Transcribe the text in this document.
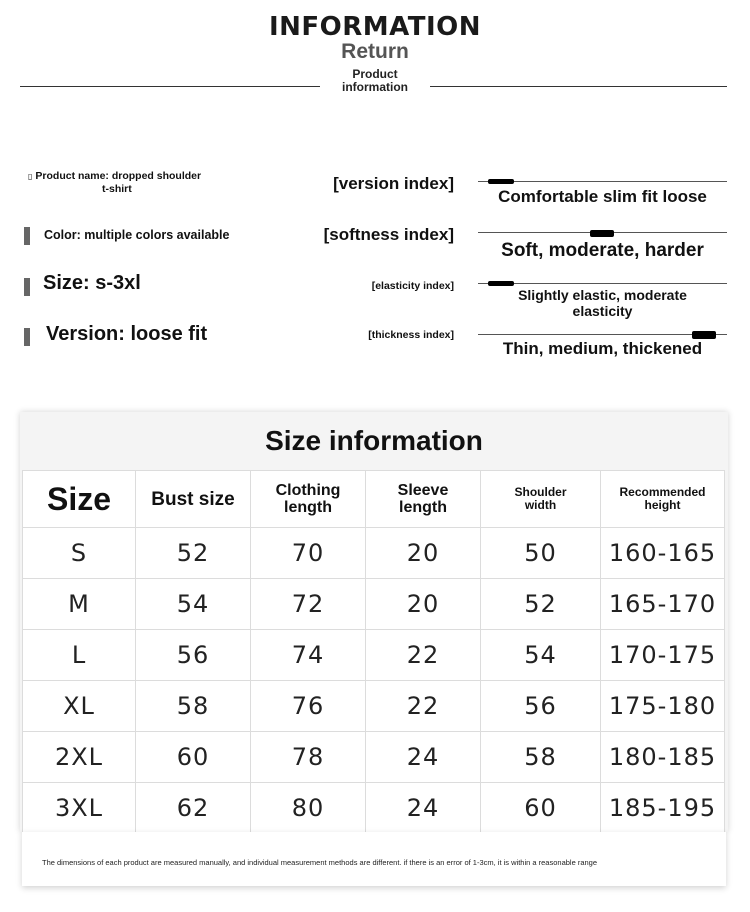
INFORMATION
Return
Product
information
▯ Product name: dropped shoulder
t-shirt
Color: multiple colors available
Size: s-3xl
Version: loose fit
[version index]
[softness index]
[elasticity index]
[thickness index]
Comfortable slim fit loose
Soft, moderate, harder
Slightly elastic, moderate elasticity
Thin, medium, thickened
Size information
Size	Bust size	Clothing length	Sleeve length	Shoulder width	Recommended height
S	52	70	20	50	160-165
M	54	72	20	52	165-170
L	56	74	22	54	170-175
XL	58	76	22	56	175-180
2XL	60	78	24	58	180-185
3XL	62	80	24	60	185-195
The dimensions of each product are measured manually, and individual measurement methods are different. if there is an error of 1-3cm, it is within a reasonable range
